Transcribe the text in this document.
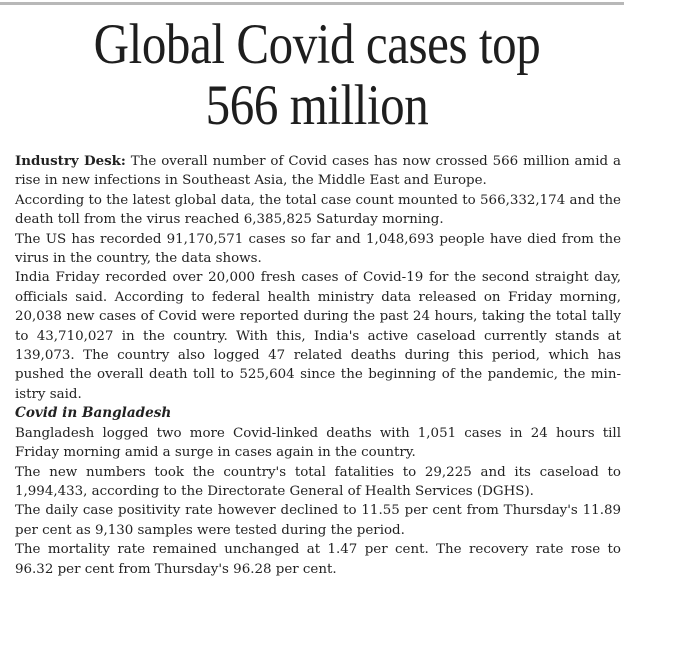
Global Covid cases top
566 million

Industry Desk: The overall number of Covid cases has now crossed 566 million amid a rise in new infections in Southeast Asia, the Middle East and Europe.

According to the latest global data, the total case count mounted to 566,332,174 and the death toll from the virus reached 6,385,825 Saturday morning.

The US has recorded 91,170,571 cases so far and 1,048,693 people have died from the virus in the country, the data shows.

India Friday recorded over 20,000 fresh cases of Covid-19 for the second straight day, officials said. According to federal health ministry data released on Friday morning, 20,038 new cases of Covid were reported during the past 24 hours, taking the total tally to 43,710,027 in the country. With this, India's active caseload currently stands at 139,073. The country also logged 47 related deaths during this period, which has pushed the overall death toll to 525,604 since the beginning of the pandemic, the ministry said.

Covid in Bangladesh

Bangladesh logged two more Covid-linked deaths with 1,051 cases in 24 hours till Friday morning amid a surge in cases again in the country.

The new numbers took the country's total fatalities to 29,225 and its caseload to 1,994,433, according to the Directorate General of Health Services (DGHS).

The daily case positivity rate however declined to 11.55 per cent from Thursday's 11.89 per cent as 9,130 samples were tested during the period.

The mortality rate remained unchanged at 1.47 per cent. The recovery rate rose to 96.32 per cent from Thursday's 96.28 per cent.
